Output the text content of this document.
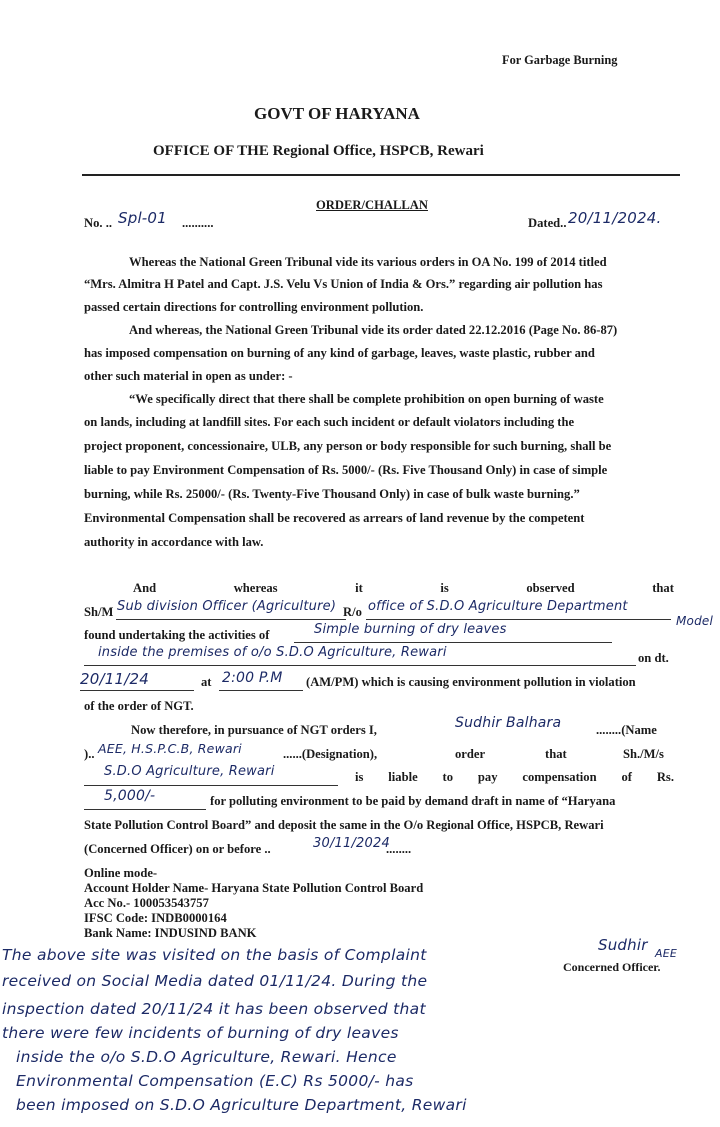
For Garbage Burning
GOVT OF HARYANA
OFFICE OF THE Regional Office, HSPCB, Rewari
ORDER/CHALLAN
No. .. Spl-01 ..........	Dated.. 20/11/2024.
Whereas the National Green Tribunal vide its various orders in OA No. 199 of 2014 titled
“Mrs. Almitra H Patel and Capt. J.S. Velu Vs Union of India & Ors.” regarding air pollution has
passed certain directions for controlling environment pollution.
And whereas, the National Green Tribunal vide its order dated 22.12.2016 (Page No. 86-87)
has imposed compensation on burning of any kind of garbage, leaves, waste plastic, rubber and
other such material in open as under: -
“We specifically direct that there shall be complete prohibition on open burning of waste
on lands, including at landfill sites. For each such incident or default violators including the
project proponent, concessionaire, ULB, any person or body responsible for such burning, shall be
liable to pay Environment Compensation of Rs. 5000/- (Rs. Five Thousand Only) in case of simple
burning, while Rs. 25000/- (Rs. Twenty-Five Thousand Only) in case of bulk waste burning.”
Environmental Compensation shall be recovered as arrears of land revenue by the competent
authority in accordance with law.
And	whereas	it	is	observed	that
Sh/M Sub division Officer (Agriculture) R/o office of S.D.O Agriculture Department
Model
found undertaking the activities of	Simple burning of dry leaves
inside the premises of o/o S.D.O Agriculture, Rewari	on dt.
20/11/24	at 2:00 P.M (AM/PM) which is causing environment pollution in violation
of the order of NGT.
Now therefore, in pursuance of NGT orders I,	Sudhir Balhara	........(Name
).. AEE, H.S.P.C.B, Rewari	......(Designation),	order	that	Sh./M/s
S.D.O Agriculture, Rewari	is liable to pay compensation of Rs.
5,000/-	for polluting environment to be paid by demand draft in name of “Haryana
State Pollution Control Board” and deposit the same in the O/o Regional Office, HSPCB, Rewari
(Concerned Officer) on or before ..	30/11/2024
........
Online mode-
Account Holder Name- Haryana State Pollution Control Board
Acc No.- 100053543757
IFSC Code: INDB0000164
Bank Name: INDUSIND BANK
Sudhir AEE
Concerned Officer.
The above site was visited on the basis of Complaint
received on Social Media dated 01/11/24. During the
inspection dated 20/11/24 it has been observed that
there were few incidents of burning of dry leaves
inside the o/o S.D.O Agriculture, Rewari. Hence
Environmental Compensation (E.C) Rs 5000/- has
been imposed on S.D.O Agriculture Department, Rewari
